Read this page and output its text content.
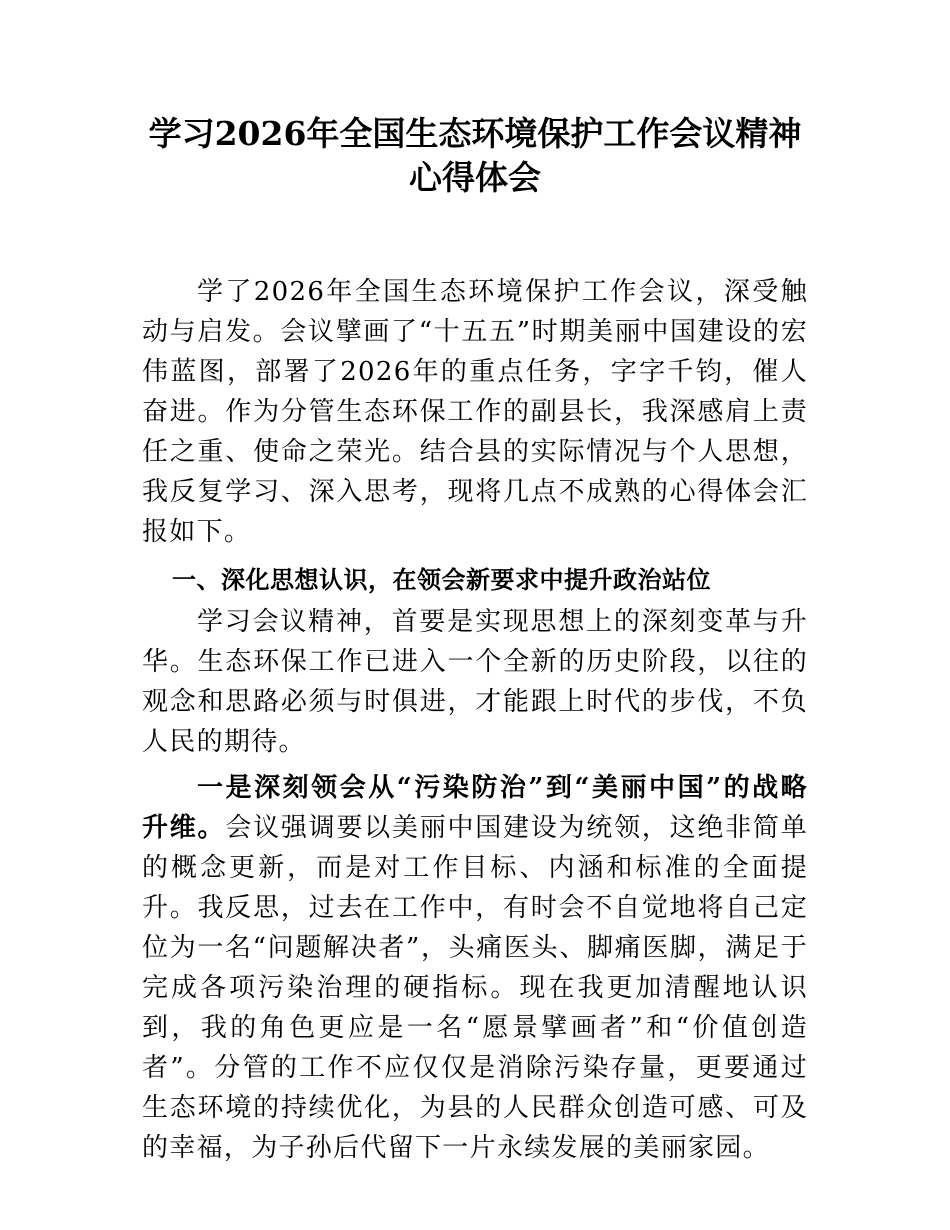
学习2026年全国生态环境保护工作会议精神
心得体会

学了2026年全国生态环境保护工作会议，深受触动与启发。会议擘画了“十五五”时期美丽中国建设的宏伟蓝图，部署了2026年的重点任务，字字千钧，催人奋进。作为分管生态环保工作的副县长，我深感肩上责任之重、使命之荣光。结合县的实际情况与个人思想，我反复学习、深入思考，现将几点不成熟的心得体会汇报如下。

一、深化思想认识，在领会新要求中提升政治站位

学习会议精神，首要是实现思想上的深刻变革与升华。生态环保工作已进入一个全新的历史阶段，以往的观念和思路必须与时俱进，才能跟上时代的步伐，不负人民的期待。

一是深刻领会从“污染防治”到“美丽中国”的战略升维。会议强调要以美丽中国建设为统领，这绝非简单的概念更新，而是对工作目标、内涵和标准的全面提升。我反思，过去在工作中，有时会不自觉地将自己定位为一名“问题解决者”，头痛医头、脚痛医脚，满足于完成各项污染治理的硬指标。现在我更加清醒地认识到，我的角色更应是一名“愿景擘画者”和“价值创造者”。分管的工作不应仅仅是消除污染存量，更要通过生态环境的持续优化，为县的人民群众创造可感、可及的幸福，为子孙后代留下一片永续发展的美丽家园。
